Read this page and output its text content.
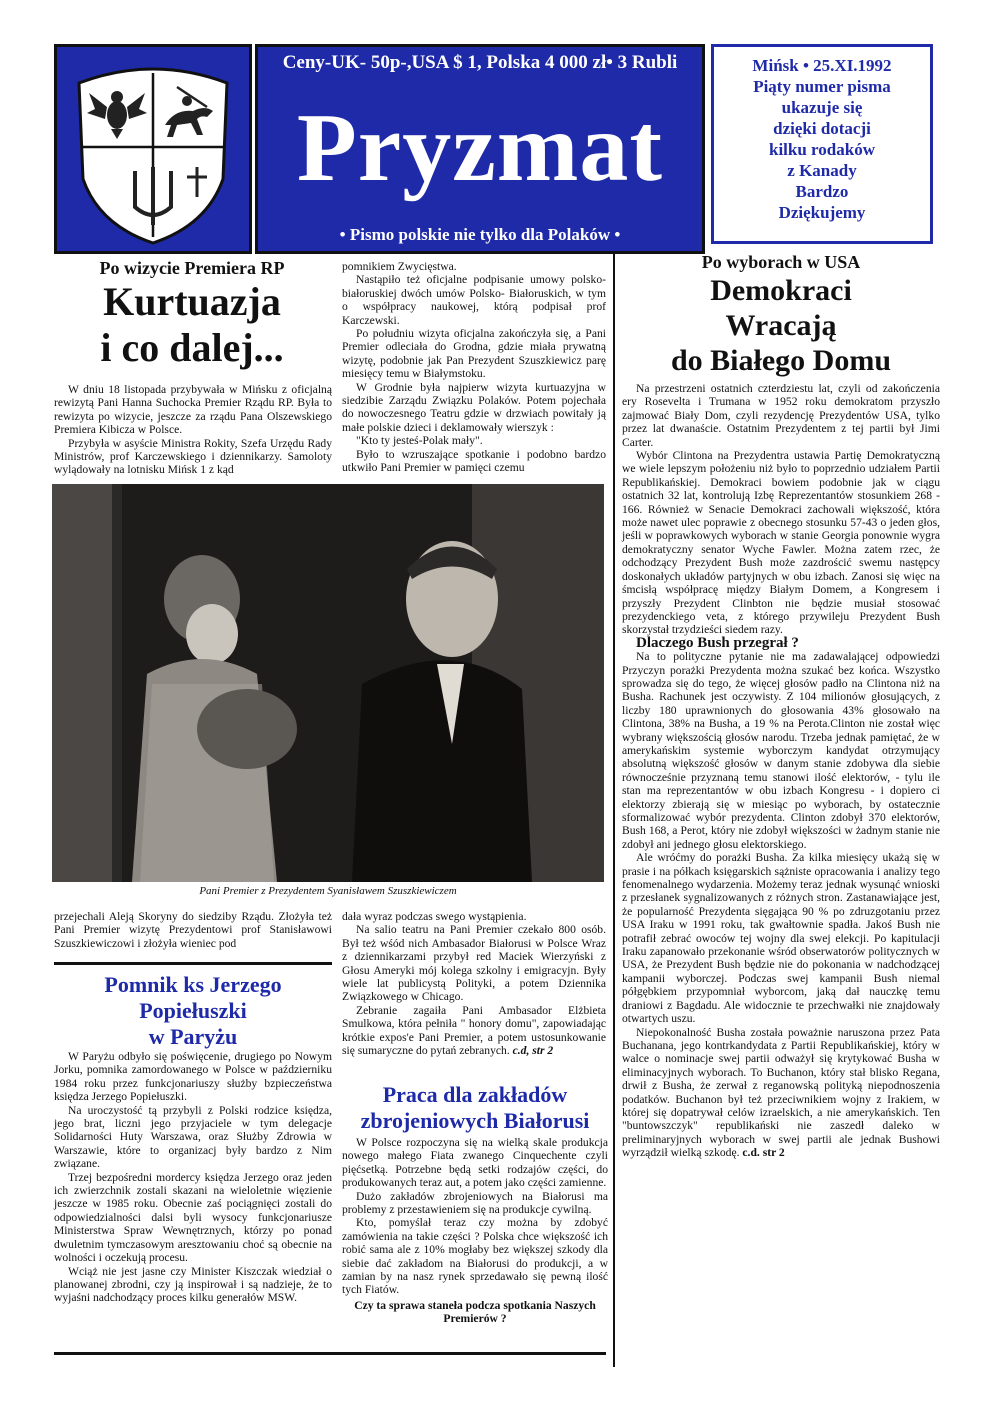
Ceny-UK- 50p-,USA $ 1, Polska 4 000 zł• 3 Rubli
Pryzmat
• Pismo polskie nie tylko dla Polaków •
Mińsk • 25.XI.1992
Piąty numer pisma
ukazuje się
dzięki dotacji
kilku rodaków
z Kanady
Bardzo
Dziękujemy
Po wizycie Premiera RP
Kurtuazja
i co dalej...

W dniu 18 listopada przybywała w Mińsku z oficjalną rewizytą Pani Hanna Suchocka Premier Rządu RP. Była to rewizyta po wizycie, jeszcze za rządu Pana Olszewskiego Premiera Kibicza w Polsce.

Przybyła w asyście Ministra Rokity, Szefa Urzędu Rady Ministrów, prof Karczewskiego i dziennikarzy. Samoloty wylądowały na lotnisku Mińsk 1 z kąd

pomnikiem Zwycięstwa.

Nastąpiło też oficjalne podpisanie umowy polsko-białoruskiej dwóch umów Polsko- Białoruskich, w tym o współpracy naukowej, którą podpisał prof Karczewski.

Po południu wizyta oficjalna zakończyła się, a Pani Premier odleciała do Grodna, gdzie miała prywatną wizytę, podobnie jak Pan Prezydent Szuszkiewicz parę miesięcy temu w Białymstoku.

W Grodnie była najpierw wizyta kurtuazyjna w siedzibie Zarządu Związku Polaków. Potem pojechała do nowoczesnego Teatru gdzie w drzwiach powitały ją małe polskie dzieci i deklamowały wierszyk :

"Kto ty jesteś-Polak mały".

Było to wzruszające spotkanie i podobno bardzo utkwiło Pani Premier w pamięci czemu

Pani Premier z Prezydentem Syanisławem Szuszkiewiczem

przejechali Aleją Skoryny do siedziby Rządu. Złożyła też Pani Premier wizytę Prezydentowi prof Stanisławowi Szuszkiewiczowi i złożyła wieniec pod

dała wyraz podczas swego wystąpienia.

Na salio teatru na Pani Premier czekało 800 osób. Był też wśód nich Ambasador Białorusi w Polsce Wraz z dziennikarzami przybył red Maciek Wierzyński z Głosu Ameryki mój kolega szkolny i emigracyjn. Były wiele lat publicystą Polityki, a potem Dziennika Związkowego w Chicago.

Zebranie zagaiła Pani Ambasador Elżbieta Smulkowa, która pełniła " honory domu", zapowiadając krótkie expos'e Pani Premier, a potem ustosunkowanie się sumaryczne do pytań zebranych. c.d, str 2

Pomnik ks Jerzego
Popiełuszki
w Paryżu

W Paryżu odbyło się poświęcenie, drugiego po Nowym Jorku, pomnika zamordowanego w Polsce w październiku 1984 roku przez funkcjonariuszy służby bzpieczeństwa księdza Jerzego Popiełuszki.

Na uroczystość tą przybyli z Polski rodzice księdza, jego brat, liczni jego przyjaciele w tym delegacje Solidarności Huty Warszawa, oraz Służby Zdrowia w Warszawie, które to organizacj były bardzo z Nim związane.

Trzej bezpośredni mordercy księdza Jerzego oraz jeden ich zwierzchnik zostali skazani na wieloletnie więzienie jeszcze w 1985 roku. Obecnie zaś pociągnięci zostali do odpowiedzialności dalsi byli wysocy funkcjonariusze Ministerstwa Spraw Wewnętrznych, którzy po ponad dwuletnim tymczasowym aresztowaniu choć są obecnie na wolności i oczekują procesu.

Wciąż nie jest jasne czy Minister Kiszczak wiedział o planowanej zbrodni, czy ją inspirował i są nadzieje, że to wyjaśni nadchodzący proces kilku generałów MSW.

Praca dla zakładów
zbrojeniowych Białorusi

W Polsce rozpoczyna się na wielką skale produkcja nowego małego Fiata zwanego Cinquechente czyli pięćsetką. Potrzebne będą setki rodzajów części, do produkowanych teraz aut, a potem jako części zamienne.

Dużo zakładów zbrojeniowych na Białorusi ma problemy z przestawieniem się na produkcje cywilną.

Kto, pomyślał teraz czy można by zdobyć zamówienia na takie części ? Polska chce większość ich robić sama ale z 10% mogłaby bez większej szkody dla siebie dać zakładom na Białorusi do produkcji, a w zamian by na nasz rynek sprzedawało się pewną ilość tych Fiatów.

Czy ta sprawa staneła podcza spotkania Naszych Premierów ?

Po wyborach w USA
Demokraci
Wracają
do Białego Domu

Na przestrzeni ostatnich czterdziestu lat, czyli od zakończenia ery Rosevelta i Trumana w 1952 roku demokratom przyszło zajmować Biały Dom, czyli rezydencję Prezydentów USA, tylko przez lat dwanaście. Ostatnim Prezydentem z tej partii był Jimi Carter.

Wybór Clintona na Prezydentra ustawia Partię Demokratyczną we wiele lepszym położeniu niż było to poprzednio udziałem Partii Republikańskiej. Demokraci bowiem podobnie jak w ciągu ostatnich 32 lat, kontrolują Izbę Reprezentantów stosunkiem 268 - 166. Również w Senacie Demokraci zachowali większość, która może nawet ulec poprawie z obecnego stosunku 57-43 o jeden głos, jeśli w poprawkowych wyborach w stanie Georgia ponownie wygra demokratyczny senator Wyche Fawler. Można zatem rzec, że odchodzący Prezydent Bush może zazdrościć swemu następcy doskonałych układów partyjnych w obu izbach. Zanosi się więc na śmcisłą współpracę między Białym Domem, a Kongresem i przyszły Prezydent Clinbton nie będzie musiał stosować prezydenckiego veta, z którego przywileju Prezydent Bush skorzystał trzydzieści siedem razy.

Dlaczego Bush przegrał ?

Na to polityczne pytanie nie ma zadawalającej odpowiedzi Przyczyn porażki Prezydenta można szukać bez końca. Wszystko sprowadza się do tego, że więcej głosów padło na Clintona niż na Busha. Rachunek jest oczywisty. Z 104 milionów głosujących, z liczby 180 uprawnionych do głosowania 43% głosowało na Clintona, 38% na Busha, a 19 % na Perota.Clinton nie został więc wybrany większością głosów narodu. Trzeba jednak pamiętać, że w amerykańskim systemie wyborczym kandydat otrzymujący absolutną większość głosów w danym stanie zdobywa dla siebie równocześnie przyznaną temu stanowi ilość elektorów, - tylu ile stan ma reprezentantów w obu izbach Kongresu - i dopiero ci elektorzy zbierają się w miesiąc po wyborach, by ostatecznie sformalizować wybór prezydenta. Clinton zdobył 370 elektorów, Bush 168, a Perot, który nie zdobył większości w żadnym stanie nie zdobył ani jednego głosu elektorskiego.

Ale wróćmy do porażki Busha. Za kilka miesięcy ukażą się w prasie i na półkach księgarskich sążniste opracowania i analizy tego fenomenalnego wydarzenia. Możemy teraz jednak wysunąć wnioski z przesłanek sygnalizowanych z różnych stron. Zastanawiające jest, że popularność Prezydenta sięgająca 90 % po zdruzgotaniu przez USA Iraku w 1991 roku, tak gwałtownie spadła. Jakoś Bush nie potrafił zebrać owoców tej wojny dla swej elekcji. Po kapitulacji Iraku zapanowało przekonanie wśród obserwatorów politycznych w USA, że Prezydent Bush będzie nie do pokonania w nadchodzącej kampanii wyborczej. Podczas swej kampanii Bush niemal półgębkiem przypomniał wyborcom, jaką dał nauczkę temu draniowi z Bagdadu. Ale widocznie te przechwałki nie znajdowały otwartych uszu.

Niepokonalność Busha została poważnie naruszona przez Pata Buchanana, jego kontrkandydata z Partii Republikańskiej, który w walce o nominacje swej partii odważył się krytykować Busha w eliminacyjnych wyborach. To Buchanon, który stał blisko Regana, drwił z Busha, że zerwał z reganowską polityką niepodnoszenia podatków. Buchanon był też przeciwnikiem wojny z Irakiem, w której się dopatrywał celów izraelskich, a nie amerykańskich. Ten "buntowszczyk" republikański nie zaszedł daleko w preliminaryjnych wyborach w swej partii ale jednak Bushowi wyrządził wielką szkodę. c.d. str 2
